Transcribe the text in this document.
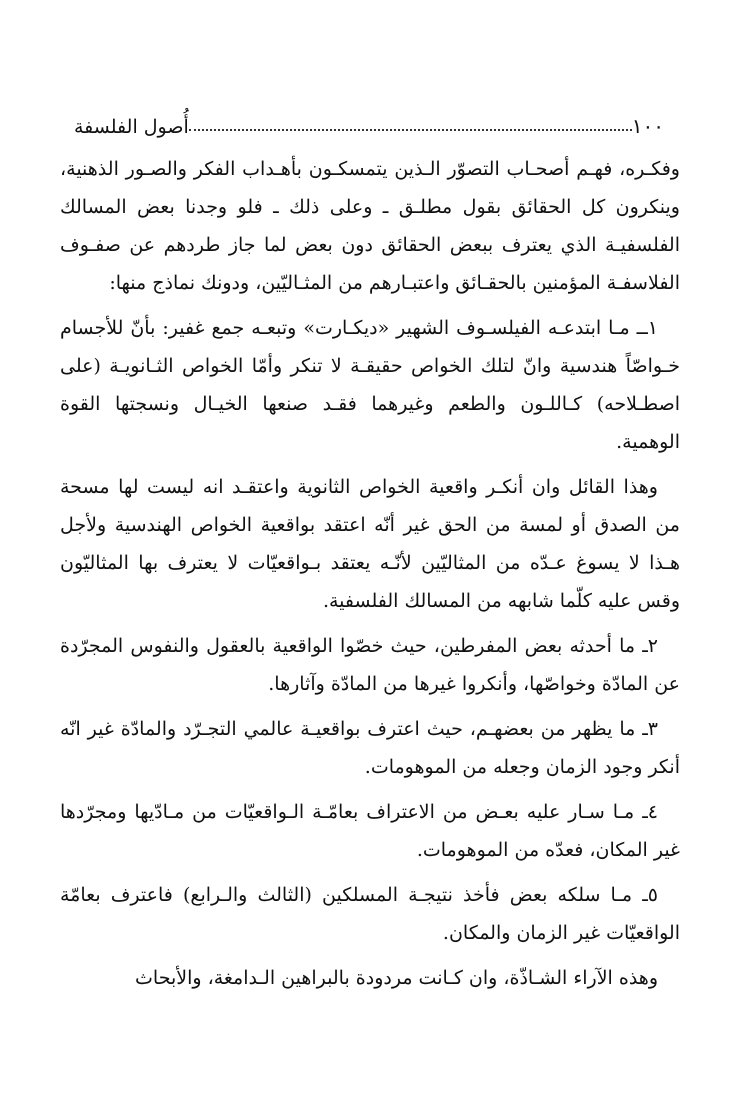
١٠٠
أُصول الفلسفة

وفكـره، فهـم أصحـاب التصوّر الـذين يتمسكـون بأهـداب الفكر والصـور الذهنية، وينكرون كل الحقائق بقول مطلـق ـ وعلى ذلك ـ فلو وجدنا بعض المسالك الفلسفيـة الذي يعترف ببعض الحقائق دون بعض لما جاز طردهم عن صفـوف الفلاسفـة المؤمنين بالحقـائق واعتبـارهم من المثـاليّين، ودونك نماذج منها:

١ــ مـا ابتدعـه الفيلسـوف الشهير «ديكـارت» وتبعـه جمع غفير: بأنّ للأجسام خـواصّاً هندسية وانّ لتلك الخواص حقيقـة لا تنكر وأمّا الخواص الثـانويـة (على اصطـلاحه) كـاللـون والطعم وغيرهما فقـد صنعها الخيـال ونسجتها القوة الوهمية.

وهذا القائل وان أنكـر واقعية الخواص الثانوية واعتقـد انه ليست لها مسحة من الصدق أو لمسة من الحق غير أنّه اعتقد بواقعية الخواص الهندسية ولأجل هـذا لا يسوغ عـدّه من المثاليّين لأنّـه يعتقد بـواقعيّات لا يعترف بها المثاليّون وقس عليه كلّما شابهه من المسالك الفلسفية.

٢ـ ما أحدثه بعض المفرطين، حيث خصّوا الواقعية بالعقول والنفوس المجرّدة عن المادّة وخواصّها، وأنكروا غيرها من المادّة وآثارها.

٣ـ ما يظهر من بعضهـم، حيث اعترف بواقعيـة عالمي التجـرّد والمادّة غير انّه أنكر وجود الزمان وجعله من الموهومات.

٤ـ مـا سـار عليه بعـض من الاعتراف بعامّـة الـواقعيّات من مـادّيها ومجرّدها غير المكان، فعدّه من الموهومات.

٥ـ مـا سلكه بعض فأخذ نتيجـة المسلكين (الثالث والـرابع) فاعترف بعامّة الواقعيّات غير الزمان والمكان.

وهذه الآراء الشـاذّة، وان كـانت مردودة بالبراهين الـدامغة، والأبحاث
